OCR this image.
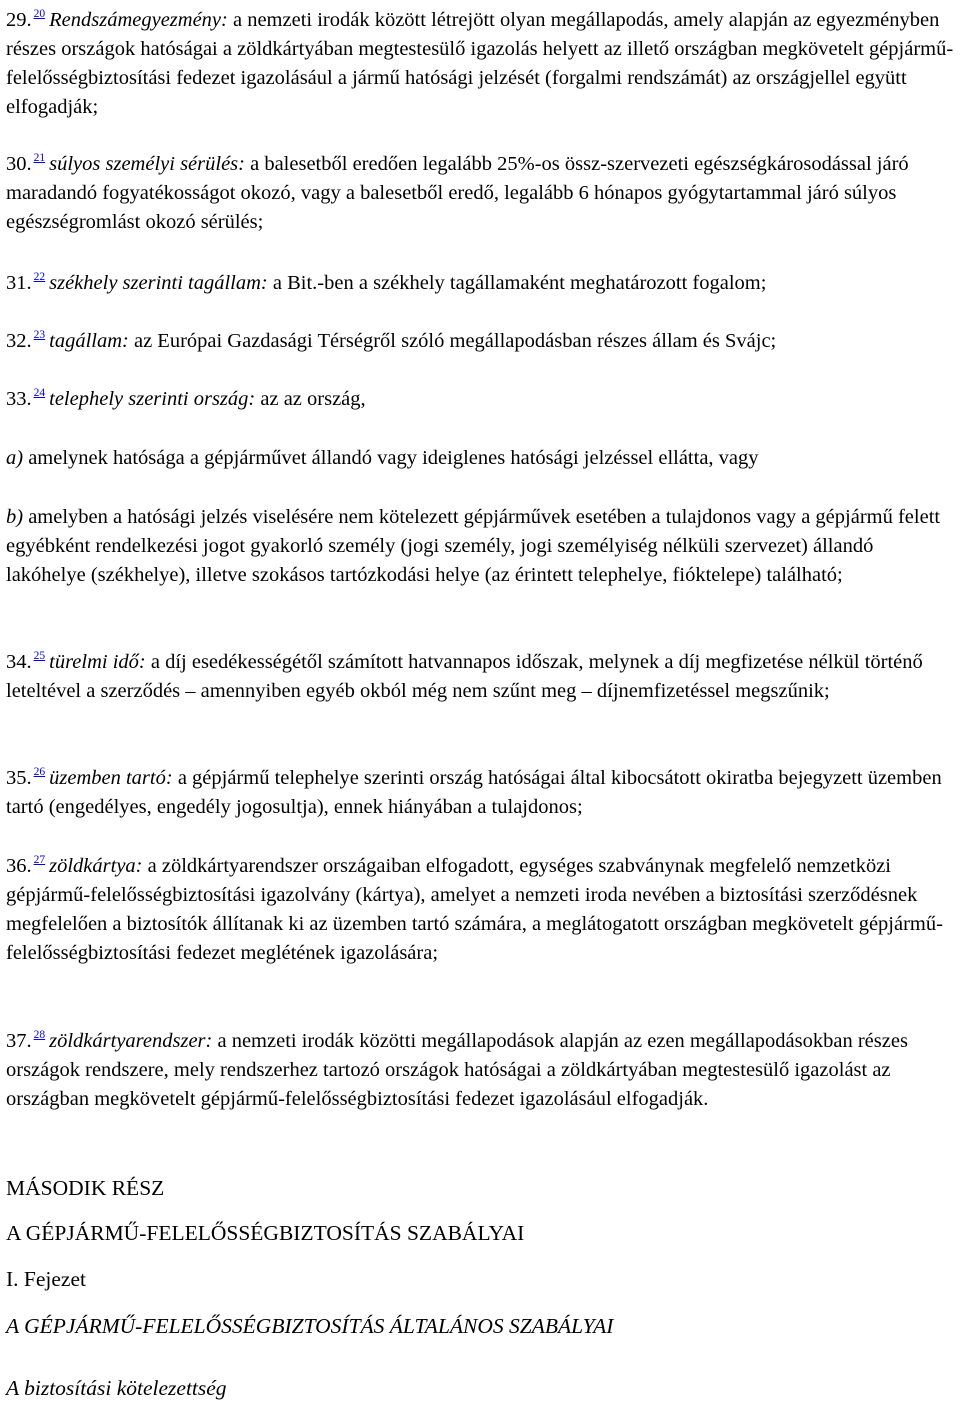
29. $^{20}$ Rendszámegyezmény: a nemzeti irodák között létrejött olyan megállapodás, amely alapján az egyezményben részes országok hatóságai a zöldkártyában megtestesülő igazolás helyett az illető országban megkövetelt gépjármű-felelősségbiztosítási fedezet igazolásául a jármű hatósági jelzését (forgalmi rendszámát) az országjellel együtt elfogadják;

30. $^{21}$ súlyos személyi sérülés: a balesetből eredően legalább 25%-os össz-szervezeti egészségkárosodással járó maradandó fogyatékosságot okozó, vagy a balesetből eredő, legalább 6 hónapos gyógytartammal járó súlyos egészségromlást okozó sérülés;

31. $^{22}$ székhely szerinti tagállam: a Bit.-ben a székhely tagállamaként meghatározott fogalom;

32. $^{23}$ tagállam: az Európai Gazdasági Térségről szóló megállapodásban részes állam és Svájc;

33. $^{24}$ telephely szerinti ország: az az ország,

a) amelynek hatósága a gépjárművet állandó vagy ideiglenes hatósági jelzéssel ellátta, vagy

b) amelyben a hatósági jelzés viselésére nem kötelezett gépjárművek esetében a tulajdonos vagy a gépjármű felett egyébként rendelkezési jogot gyakorló személy (jogi személy, jogi személyiség nélküli szervezet) állandó lakóhelye (székhelye), illetve szokásos tartózkodási helye (az érintett telephelye, fióktelepe) található;

34. $^{25}$ türelmi idő: a díj esedékességétől számított hatvannapos időszak, melynek a díj megfizetése nélkül történő leteltével a szerződés – amennyiben egyéb okból még nem szűnt meg – díjnemfizetéssel megszűnik;

35. $^{26}$ üzemben tartó: a gépjármű telephelye szerinti ország hatóságai által kibocsátott okiratba bejegyzett üzemben tartó (engedélyes, engedély jogosultja), ennek hiányában a tulajdonos;

36. $^{27}$ zöldkártya: a zöldkártyarendszer országaiban elfogadott, egységes szabványnak megfelelő nemzetközi gépjármű-felelősségbiztosítási igazolvány (kártya), amelyet a nemzeti iroda nevében a biztosítási szerződésnek megfelelően a biztosítók állítanak ki az üzemben tartó számára, a meglátogatott országban megkövetelt gépjármű-felelősségbiztosítási fedezet meglétének igazolására;

37. $^{28}$ zöldkártyarendszer: a nemzeti irodák közötti megállapodások alapján az ezen megállapodásokban részes országok rendszere, mely rendszerhez tartozó országok hatóságai a zöldkártyában megtestesülő igazolást az országban megkövetelt gépjármű-felelősségbiztosítási fedezet igazolásául elfogadják.

MÁSODIK RÉSZ

A GÉPJÁRMŰ-FELELŐSSÉGBIZTOSÍTÁS SZABÁLYAI

I. Fejezet

A GÉPJÁRMŰ-FELELŐSSÉGBIZTOSÍTÁS ÁLTALÁNOS SZABÁLYAI

A biztosítási kötelezettség
